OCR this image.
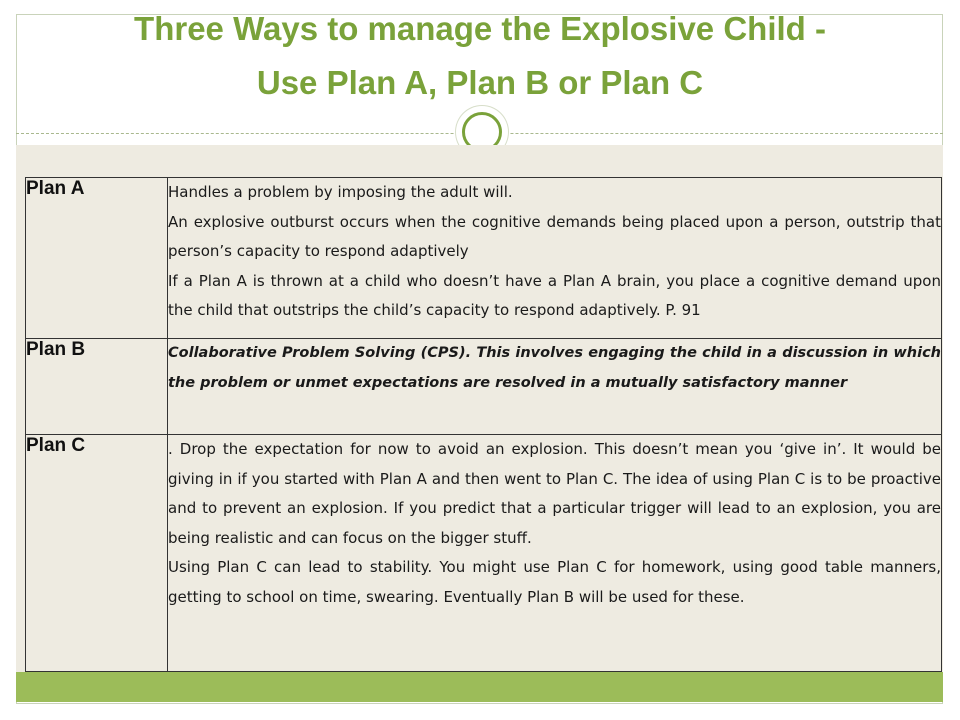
Three Ways to manage the Explosive Child -
Use Plan A, Plan B or Plan C
Plan A	Handles a problem by imposing the adult will.

An explosive outburst occurs when the cognitive demands being placed upon a person, outstrip that person’s capacity to respond adaptively

If a Plan A is thrown at a child who doesn’t have a Plan A brain, you place a cognitive demand upon the child that outstrips the child’s capacity to respond adaptively. P. 91

Plan B	Collaborative Problem Solving (CPS). This involves engaging the child in a discussion in which the problem or unmet expectations are resolved in a mutually satisfactory manner

Plan C	. Drop the expectation for now to avoid an explosion. This doesn’t mean you ‘give in’. It would be giving in if you started with Plan A and then went to Plan C. The idea of using Plan C is to be proactive and to prevent an explosion. If you predict that a particular trigger will lead to an explosion, you are being realistic and can focus on the bigger stuff.

Using Plan C can lead to stability. You might use Plan C for homework, using good table manners, getting to school on time, swearing. Eventually Plan B will be used for these.
